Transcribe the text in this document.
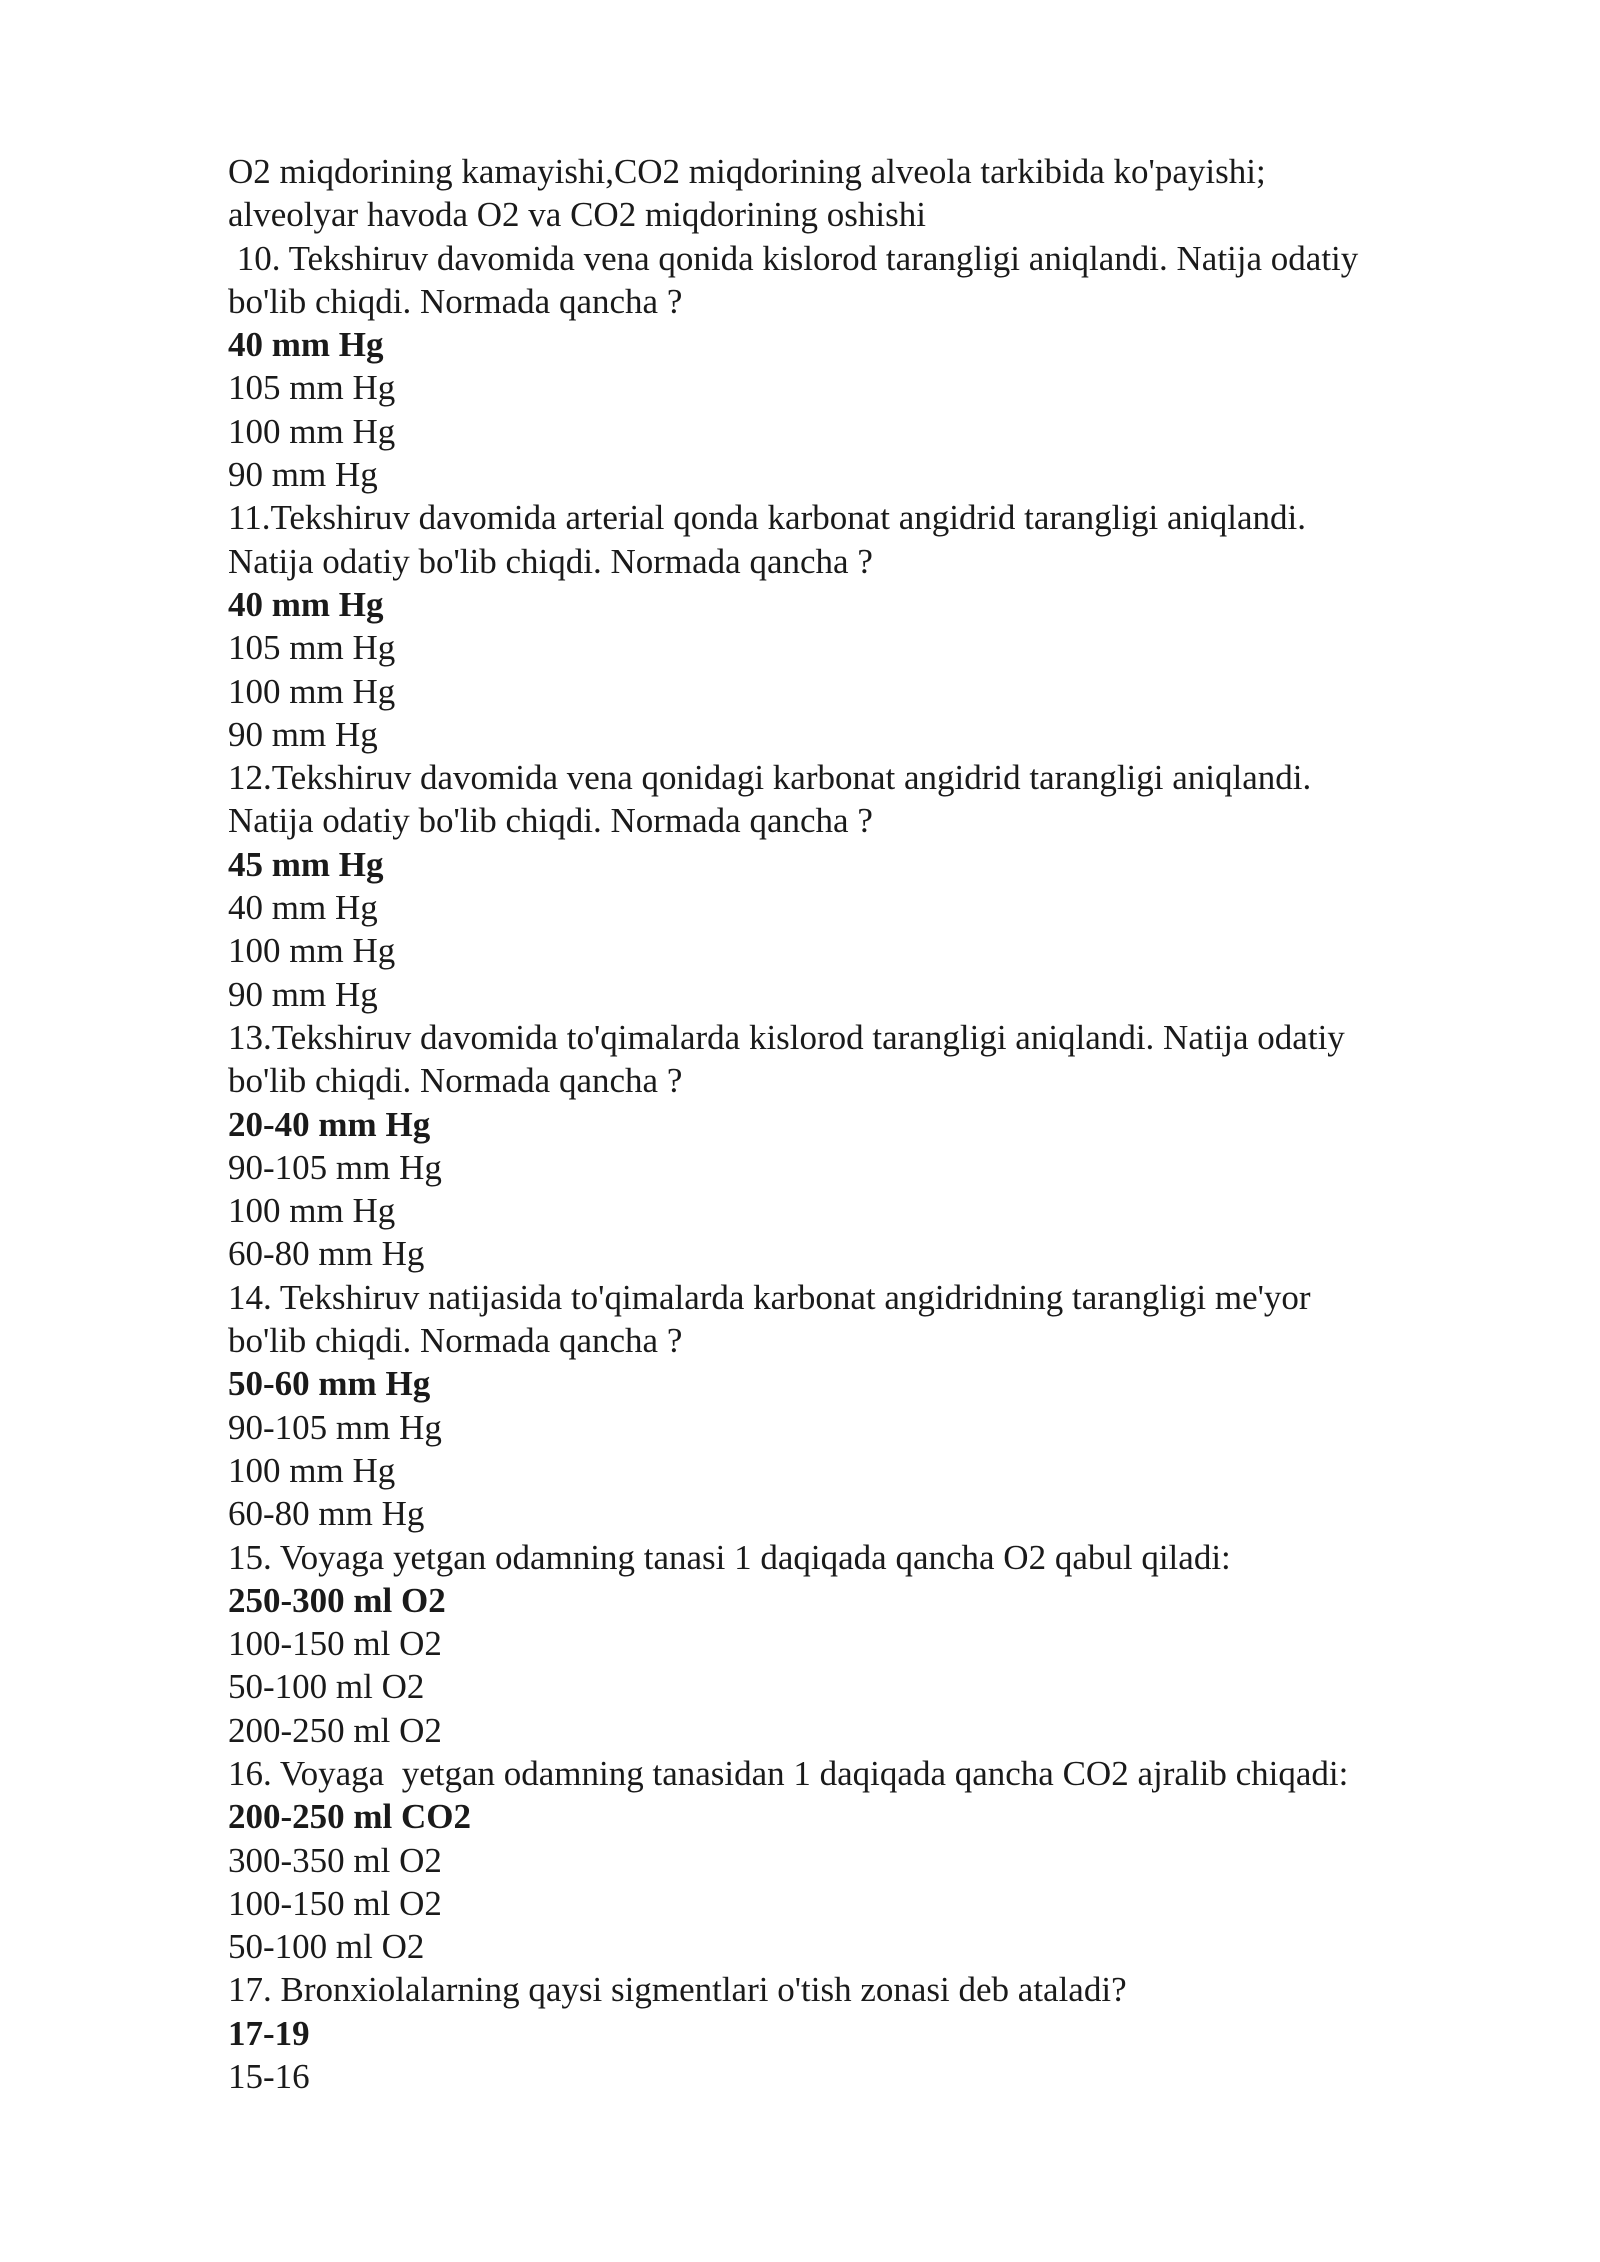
O2 miqdorining kamayishi,CO2 miqdorining alveola tarkibida ko'payishi;

alveolyar havoda O2 va CO2 miqdorining oshishi

10. Tekshiruv davomida vena qonida kislorod tarangligi aniqlandi. Natija odatiy

bo'lib chiqdi. Normada qancha ?

40 mm Hg

105 mm Hg

100 mm Hg

90 mm Hg

11.Tekshiruv davomida arterial qonda karbonat angidrid tarangligi aniqlandi.

Natija odatiy bo'lib chiqdi. Normada qancha ?

40 mm Hg

105 mm Hg

100 mm Hg

90 mm Hg

12.Tekshiruv davomida vena qonidagi karbonat angidrid tarangligi aniqlandi.

Natija odatiy bo'lib chiqdi. Normada qancha ?

45 mm Hg

40 mm Hg

100 mm Hg

90 mm Hg

13.Tekshiruv davomida to'qimalarda kislorod tarangligi aniqlandi. Natija odatiy

bo'lib chiqdi. Normada qancha ?

20-40 mm Hg

90-105 mm Hg

100 mm Hg

60-80 mm Hg

14. Tekshiruv natijasida to'qimalarda karbonat angidridning tarangligi me'yor

bo'lib chiqdi. Normada qancha ?

50-60 mm Hg

90-105 mm Hg

100 mm Hg

60-80 mm Hg

15. Voyaga yetgan odamning tanasi 1 daqiqada qancha O2 qabul qiladi:

250-300 ml O2

100-150 ml O2

50-100 ml O2

200-250 ml O2

16. Voyaga  yetgan odamning tanasidan 1 daqiqada qancha CO2 ajralib chiqadi:

200-250 ml CO2

300-350 ml O2

100-150 ml O2

50-100 ml O2

17. Bronxiolalarning qaysi sigmentlari o'tish zonasi deb ataladi?

17-19

15-16
